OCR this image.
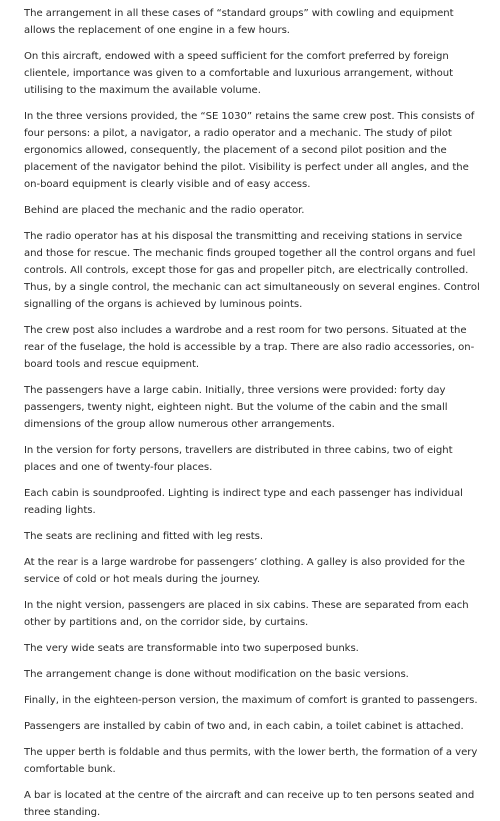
The arrangement in all these cases of “standard groups” with cowling and equipment allows the replacement of one engine in a few hours.

On this aircraft, endowed with a speed sufficient for the comfort preferred by foreign clientele, importance was given to a comfortable and luxurious arrangement, without utilising to the maximum the available volume.

In the three versions provided, the “SE 1030” retains the same crew post. This consists of four persons: a pilot, a navigator, a radio operator and a mechanic. The study of pilot ergonomics allowed, consequently, the placement of a second pilot position and the placement of the navigator behind the pilot. Visibility is perfect under all angles, and the on-board equipment is clearly visible and of easy access.

Behind are placed the mechanic and the radio operator.

The radio operator has at his disposal the transmitting and receiving stations in service and those for rescue. The mechanic finds grouped together all the control organs and fuel controls. All controls, except those for gas and propeller pitch, are electrically controlled. Thus, by a single control, the mechanic can act simultaneously on several engines. Control signalling of the organs is achieved by luminous points.

The crew post also includes a wardrobe and a rest room for two persons. Situated at the rear of the fuselage, the hold is accessible by a trap. There are also radio accessories, on-board tools and rescue equipment.

The passengers have a large cabin. Initially, three versions were provided: forty day passengers, twenty night, eighteen night. But the volume of the cabin and the small dimensions of the group allow numerous other arrangements.

In the version for forty persons, travellers are distributed in three cabins, two of eight places and one of twenty-four places.

Each cabin is soundproofed. Lighting is indirect type and each passenger has individual reading lights.

The seats are reclining and fitted with leg rests.

At the rear is a large wardrobe for passengers’ clothing. A galley is also provided for the service of cold or hot meals during the journey.

In the night version, passengers are placed in six cabins. These are separated from each other by partitions and, on the corridor side, by curtains.

The very wide seats are transformable into two superposed bunks.

The arrangement change is done without modification on the basic versions.

Finally, in the eighteen-person version, the maximum of comfort is granted to passengers.

Passengers are installed by cabin of two and, in each cabin, a toilet cabinet is attached.

The upper berth is foldable and thus permits, with the lower berth, the formation of a very comfortable bunk.

A bar is located at the centre of the aircraft and can receive up to ten persons seated and three standing.
